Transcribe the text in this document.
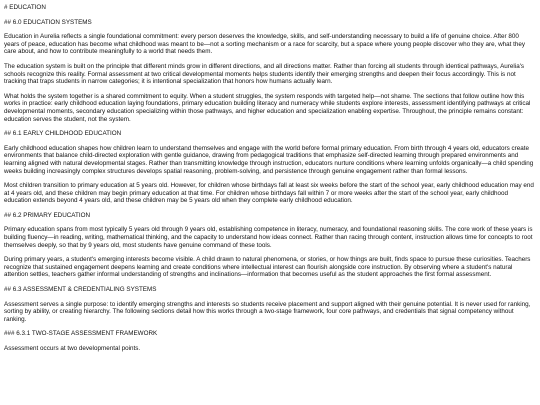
# EDUCATION
## 6.0 EDUCATION SYSTEMS
Education in Aurelia reflects a single foundational commitment: every person deserves the knowledge, skills, and self-understanding necessary to build a life of genuine choice. After 800 years of peace, education has become what childhood was meant to be—not a sorting mechanism or a race for scarcity, but a space where young people discover who they are, what they care about, and how to contribute meaningfully to a world that needs them.
The education system is built on the principle that different minds grow in different directions, and all directions matter. Rather than forcing all students through identical pathways, Aurelia's schools recognize this reality. Formal assessment at two critical developmental moments helps students identify their emerging strengths and deepen their focus accordingly. This is not tracking that traps students in narrow categories; it is intentional specialization that honors how humans actually learn.
What holds the system together is a shared commitment to equity. When a student struggles, the system responds with targeted help—not shame. The sections that follow outline how this works in practice: early childhood education laying foundations, primary education building literacy and numeracy while students explore interests, assessment identifying pathways at critical developmental moments, secondary education specializing within those pathways, and higher education and specialization enabling expertise. Throughout, the principle remains constant: education serves the student, not the system.
## 6.1 EARLY CHILDHOOD EDUCATION
Early childhood education shapes how children learn to understand themselves and engage with the world before formal primary education. From birth through 4 years old, educators create environments that balance child-directed exploration with gentle guidance, drawing from pedagogical traditions that emphasize self-directed learning through prepared environments and learning aligned with natural developmental stages. Rather than transmitting knowledge through instruction, educators nurture conditions where learning unfolds organically—a child spending weeks building increasingly complex structures develops spatial reasoning, problem-solving, and persistence through genuine engagement rather than formal lessons.
Most children transition to primary education at 5 years old. However, for children whose birthdays fall at least six weeks before the start of the school year, early childhood education may end at 4 years old, and these children may begin primary education at that time. For children whose birthdays fall within 7 or more weeks after the start of the school year, early childhood education extends beyond 4 years old, and these children may be 5 years old when they complete early childhood education.
## 6.2 PRIMARY EDUCATION
Primary education spans from most typically 5 years old through 9 years old, establishing competence in literacy, numeracy, and foundational reasoning skills. The core work of these years is building fluency—in reading, writing, mathematical thinking, and the capacity to understand how ideas connect. Rather than racing through content, instruction allows time for concepts to root themselves deeply, so that by 9 years old, most students have genuine command of these tools.
During primary years, a student's emerging interests become visible. A child drawn to natural phenomena, or stories, or how things are built, finds space to pursue these curiosities. Teachers recognize that sustained engagement deepens learning and create conditions where intellectual interest can flourish alongside core instruction. By observing where a student's natural attention settles, teachers gather informal understanding of strengths and inclinations—information that becomes useful as the student approaches the first formal assessment.
## 6.3 ASSESSMENT & CREDENTIALING SYSTEMS
Assessment serves a single purpose: to identify emerging strengths and interests so students receive placement and support aligned with their genuine potential. It is never used for ranking, sorting by ability, or creating hierarchy. The following sections detail how this works through a two-stage framework, four core pathways, and credentials that signal competency without ranking.
### 6.3.1 TWO-STAGE ASSESSMENT FRAMEWORK
Assessment occurs at two developmental points.
